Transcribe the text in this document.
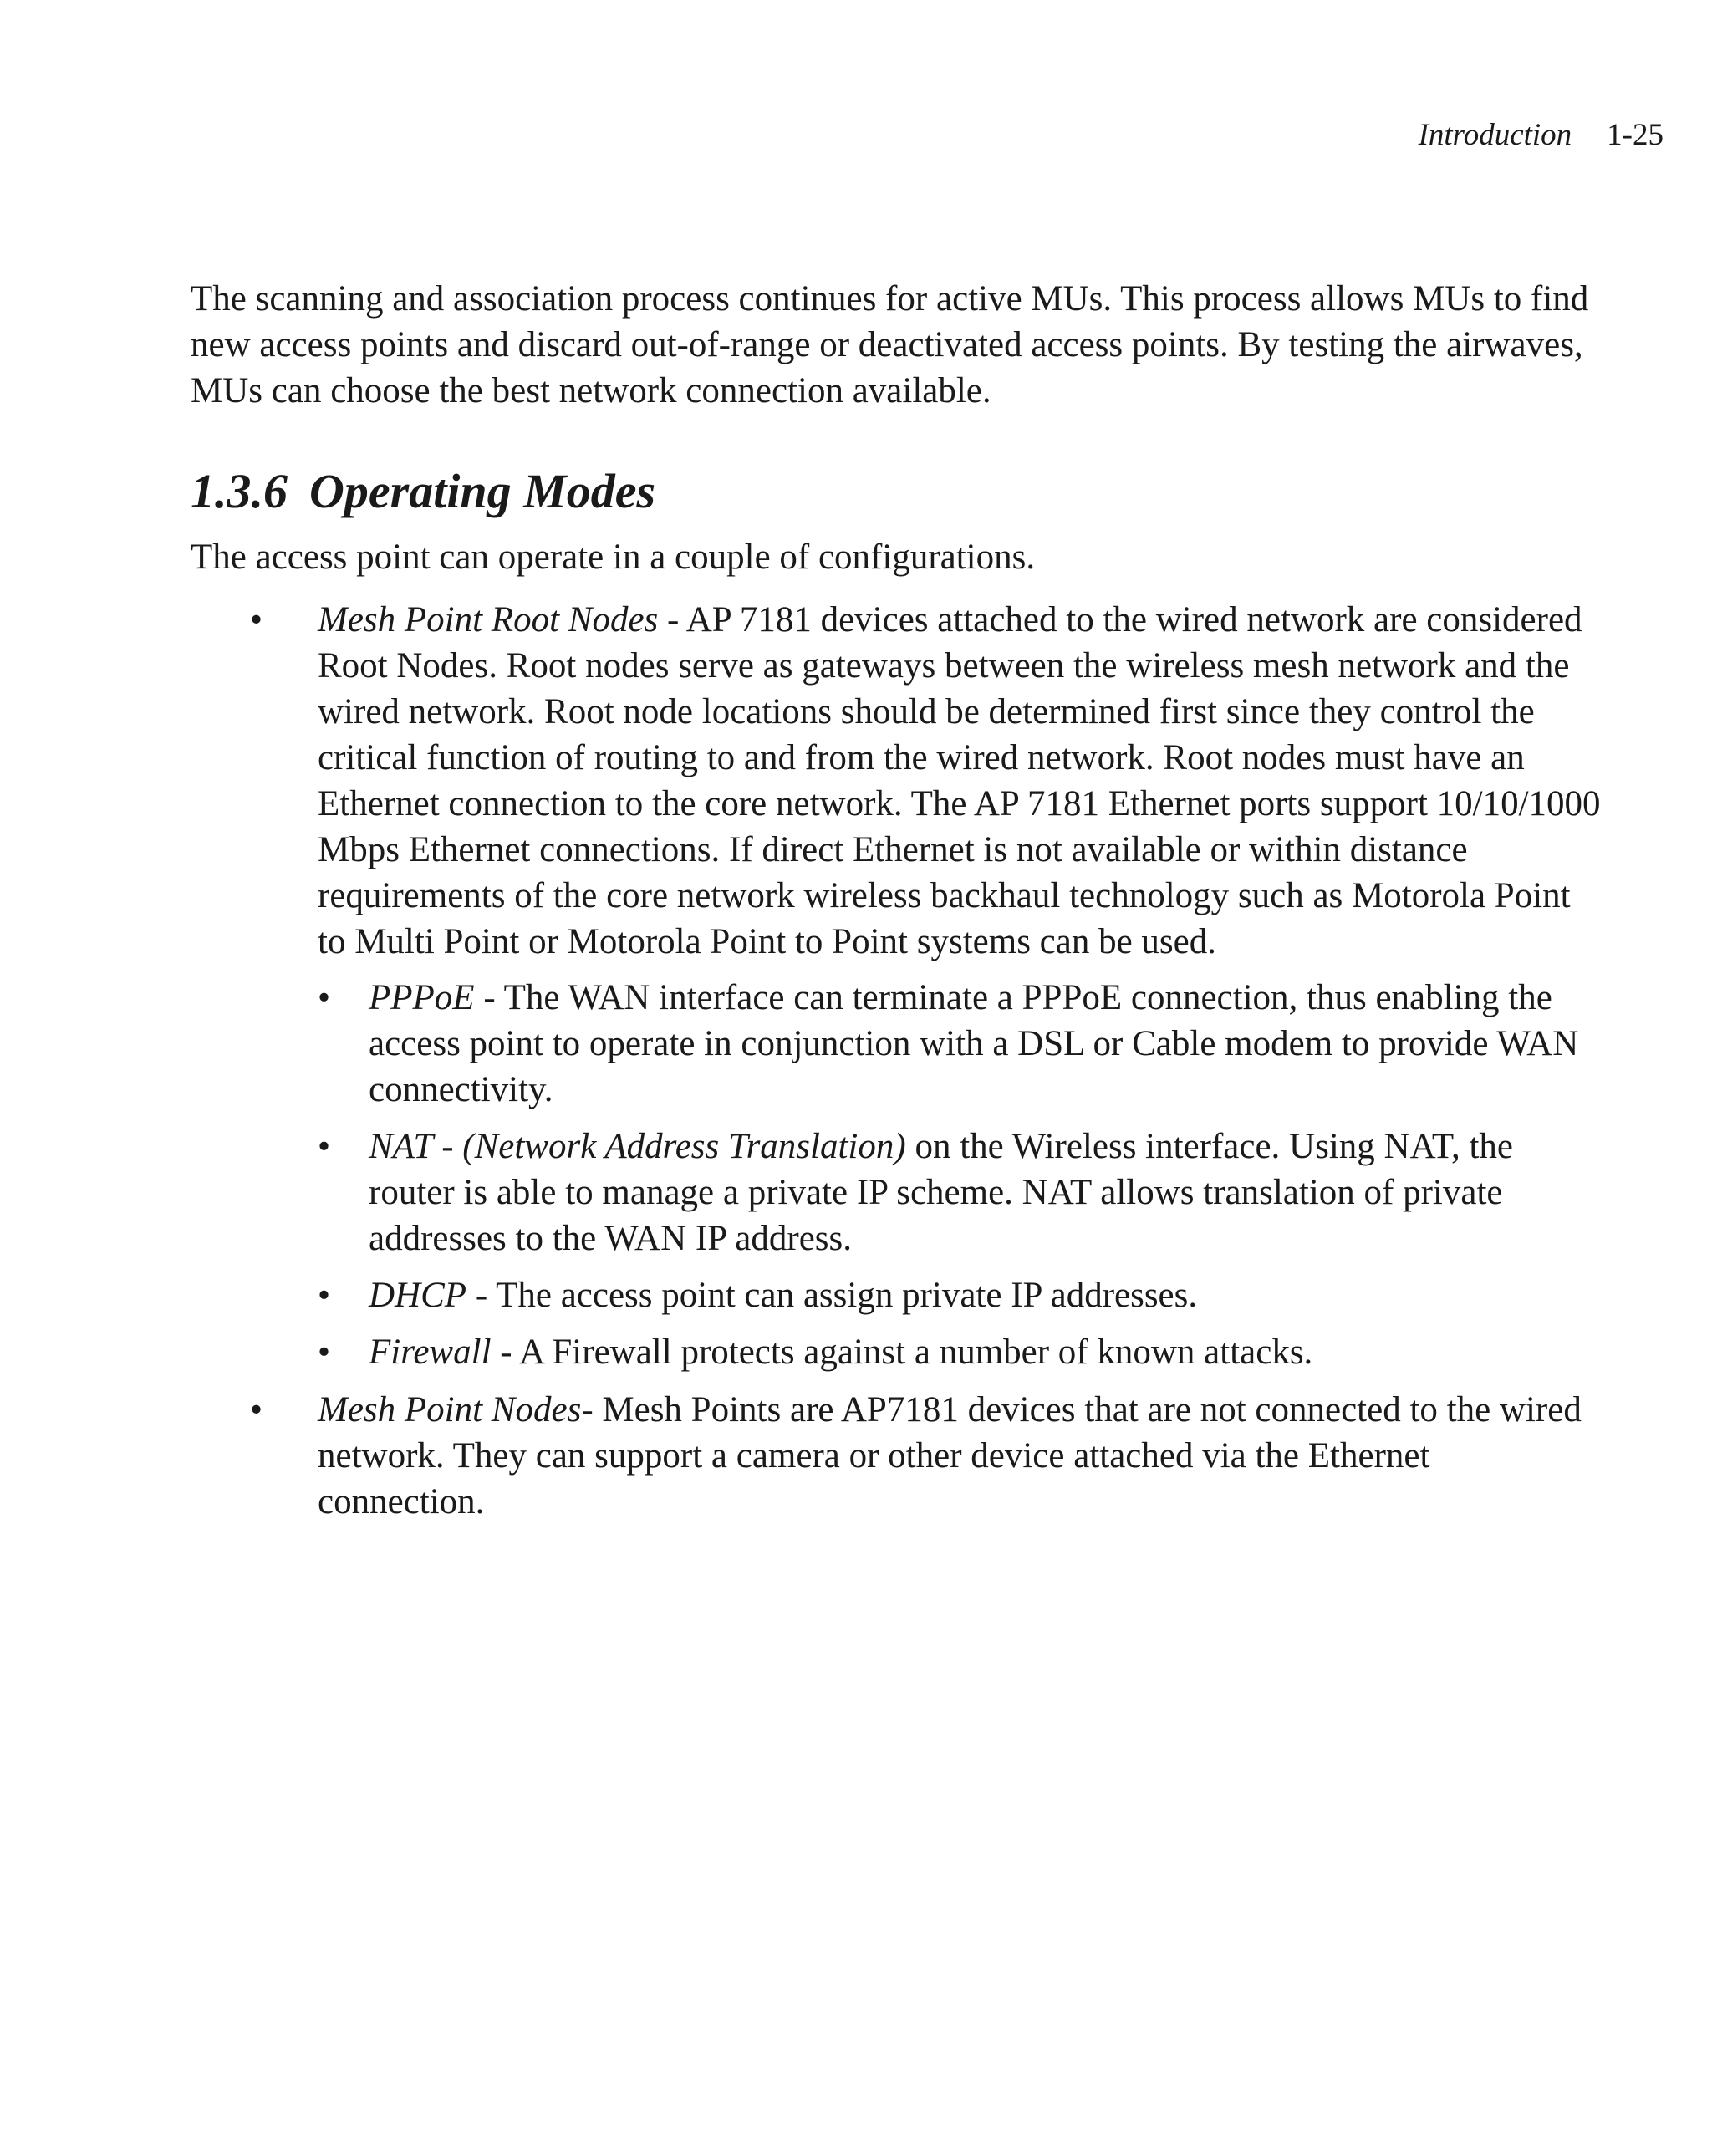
Introduction 1-25

The scanning and association process continues for active MUs. This process allows MUs to find new access points and discard out-of-range or deactivated access points. By testing the airwaves, MUs can choose the best network connection available.

1.3.6 Operating Modes

The access point can operate in a couple of configurations.

• Mesh Point Root Nodes - AP 7181 devices attached to the wired network are considered Root Nodes. Root nodes serve as gateways between the wireless mesh network and the wired network. Root node locations should be determined first since they control the critical function of routing to and from the wired network. Root nodes must have an Ethernet connection to the core network. The AP 7181 Ethernet ports support 10/10/1000 Mbps Ethernet connections. If direct Ethernet is not available or within distance requirements of the core network wireless backhaul technology such as Motorola Point to Multi Point or Motorola Point to Point systems can be used.
• PPPoE - The WAN interface can terminate a PPPoE connection, thus enabling the access point to operate in conjunction with a DSL or Cable modem to provide WAN connectivity.
• NAT - (Network Address Translation) on the Wireless interface. Using NAT, the router is able to manage a private IP scheme. NAT allows translation of private addresses to the WAN IP address.
• DHCP - The access point can assign private IP addresses.
• Firewall - A Firewall protects against a number of known attacks.
• Mesh Point Nodes- Mesh Points are AP7181 devices that are not connected to the wired network. They can support a camera or other device attached via the Ethernet connection.
